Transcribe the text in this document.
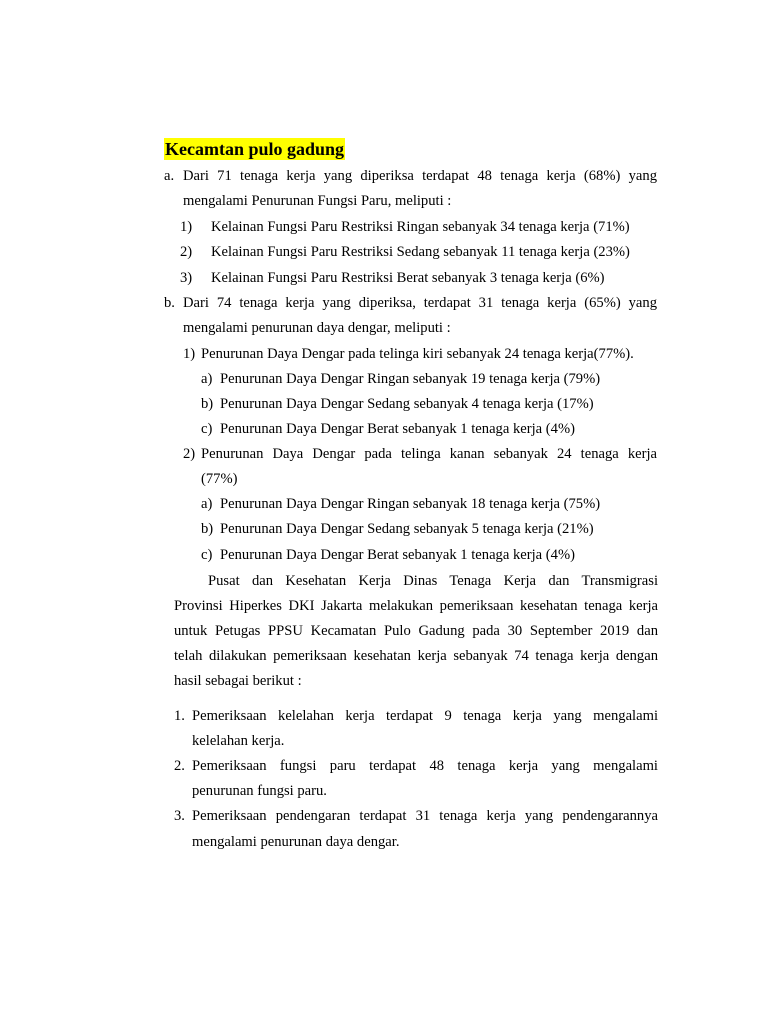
Kecamtan pulo gadung
a. Dari 71 tenaga kerja yang diperiksa terdapat 48 tenaga kerja (68%) yang
mengalami Penurunan Fungsi Paru, meliputi :
1) Kelainan Fungsi Paru Restriksi Ringan sebanyak 34 tenaga kerja (71%)
2) Kelainan Fungsi Paru Restriksi Sedang sebanyak 11 tenaga kerja (23%)
3) Kelainan Fungsi Paru Restriksi Berat sebanyak 3 tenaga kerja (6%)
b. Dari 74 tenaga kerja yang diperiksa, terdapat 31 tenaga kerja (65%) yang
mengalami penurunan daya dengar, meliputi :
1) Penurunan Daya Dengar pada telinga kiri sebanyak 24 tenaga kerja(77%).
a) Penurunan Daya Dengar Ringan sebanyak 19 tenaga kerja (79%)
b) Penurunan Daya Dengar Sedang sebanyak 4 tenaga kerja (17%)
c) Penurunan Daya Dengar Berat sebanyak 1 tenaga kerja (4%)
2) Penurunan Daya Dengar pada telinga kanan sebanyak 24 tenaga kerja
(77%)
a) Penurunan Daya Dengar Ringan sebanyak 18 tenaga kerja (75%)
b) Penurunan Daya Dengar Sedang sebanyak 5 tenaga kerja (21%)
c) Penurunan Daya Dengar Berat sebanyak 1 tenaga kerja (4%)
Pusat dan Kesehatan Kerja Dinas Tenaga Kerja dan Transmigrasi
Provinsi Hiperkes DKI Jakarta melakukan pemeriksaan kesehatan tenaga kerja
untuk Petugas PPSU Kecamatan Pulo Gadung pada 30 September 2019 dan
telah dilakukan pemeriksaan kesehatan kerja sebanyak 74 tenaga kerja dengan
hasil sebagai berikut :
1. Pemeriksaan kelelahan kerja terdapat 9 tenaga kerja yang mengalami
kelelahan kerja.
2. Pemeriksaan fungsi paru terdapat 48 tenaga kerja yang mengalami
penurunan fungsi paru.
3. Pemeriksaan pendengaran terdapat 31 tenaga kerja yang pendengarannya
mengalami penurunan daya dengar.
